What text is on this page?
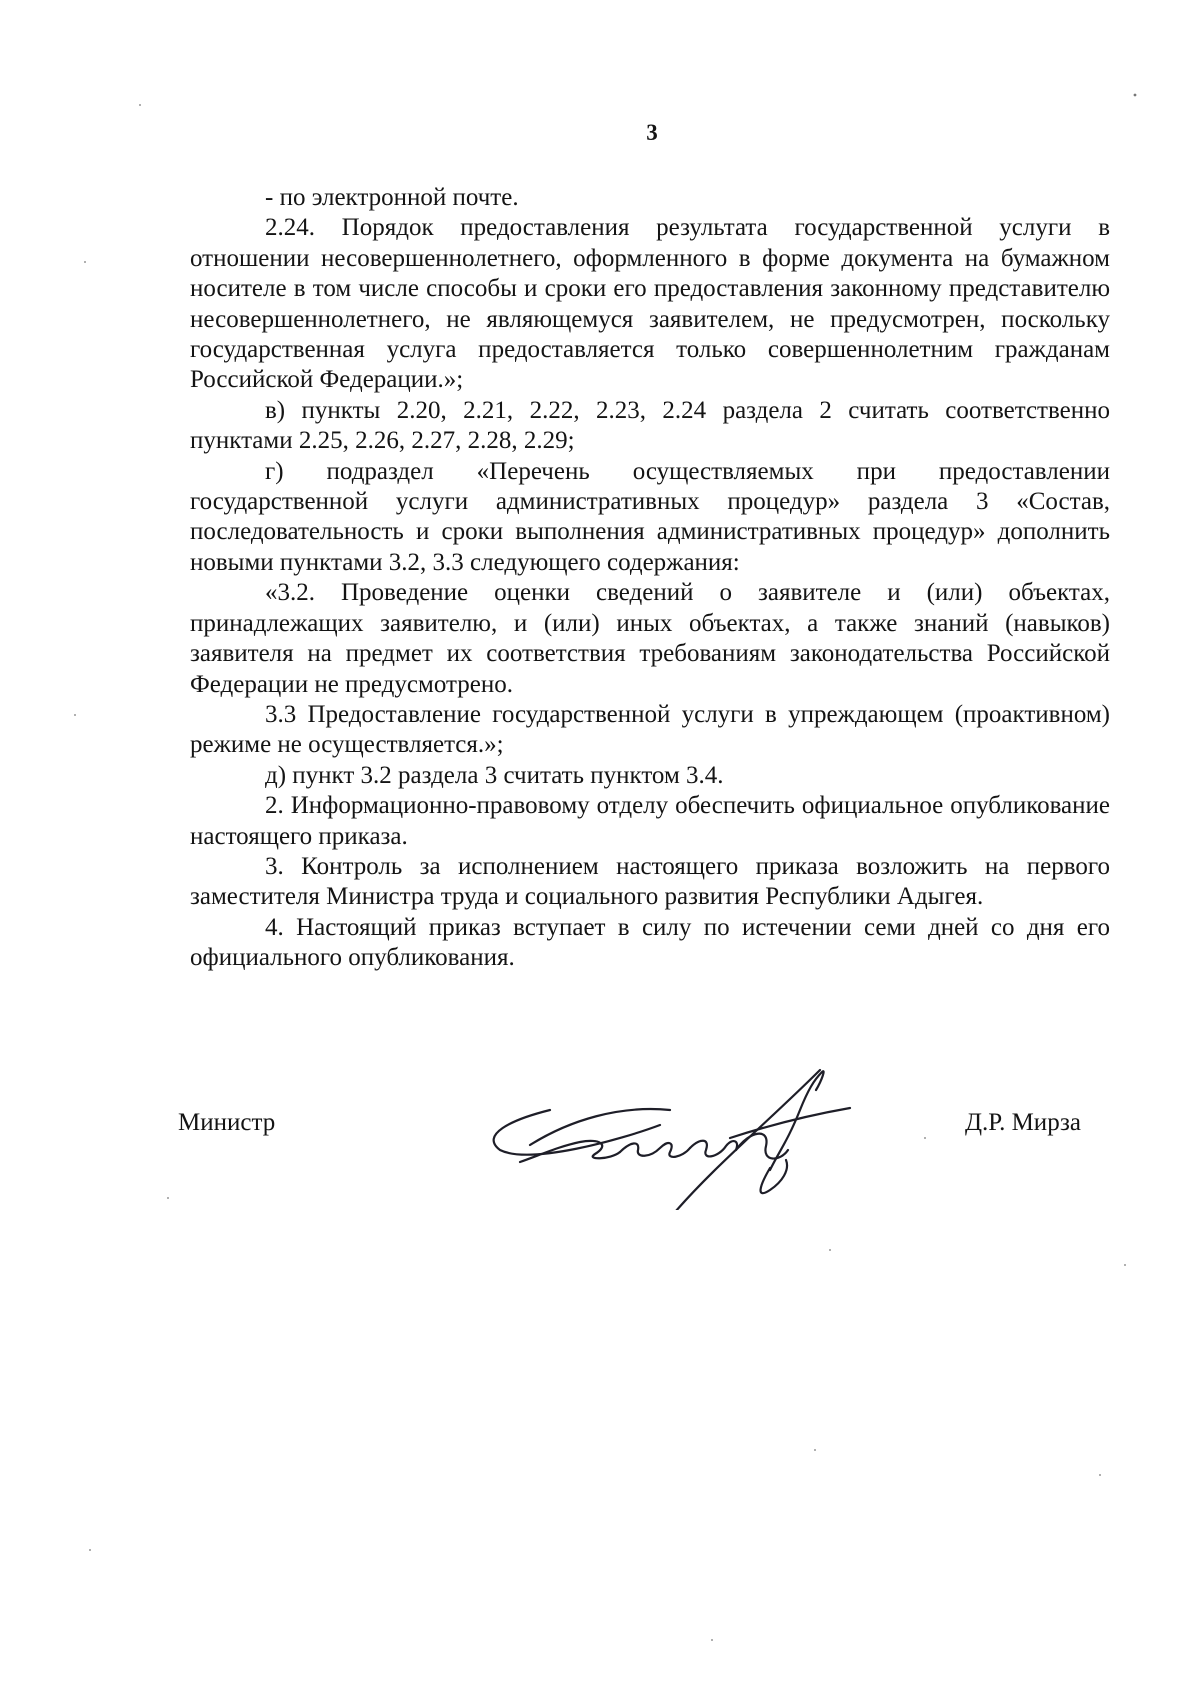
3

- по электронной почте.

2.24. Порядок предоставления результата государственной услуги в отношении несовершеннолетнего, оформленного в форме документа на бумажном носителе в том числе способы и сроки его предоставления законному представителю несовершеннолетнего, не являющемуся заявителем, не предусмотрен, поскольку государственная услуга предоставляется только совершеннолетним гражданам Российской Федерации.»;

в) пункты 2.20, 2.21, 2.22, 2.23, 2.24 раздела 2 считать соответственно пунктами 2.25, 2.26, 2.27, 2.28, 2.29;

г) подраздел «Перечень осуществляемых при предоставлении государственной услуги административных процедур» раздела 3 «Состав, последовательность и сроки выполнения административных процедур» дополнить новыми пунктами 3.2, 3.3 следующего содержания:

«3.2. Проведение оценки сведений о заявителе и (или) объектах, принадлежащих заявителю, и (или) иных объектах, а также знаний (навыков) заявителя на предмет их соответствия требованиям законодательства Российской Федерации не предусмотрено.

3.3 Предоставление государственной услуги в упреждающем (проактивном) режиме не осуществляется.»;

д) пункт 3.2 раздела 3 считать пунктом 3.4.

2. Информационно-правовому отделу обеспечить официальное опубликование настоящего приказа.

3. Контроль за исполнением настоящего приказа возложить на первого заместителя Министра труда и социального развития Республики Адыгея.

4. Настоящий приказ вступает в силу по истечении семи дней со дня его официального опубликования.

Министр	Д.Р. Мирза
